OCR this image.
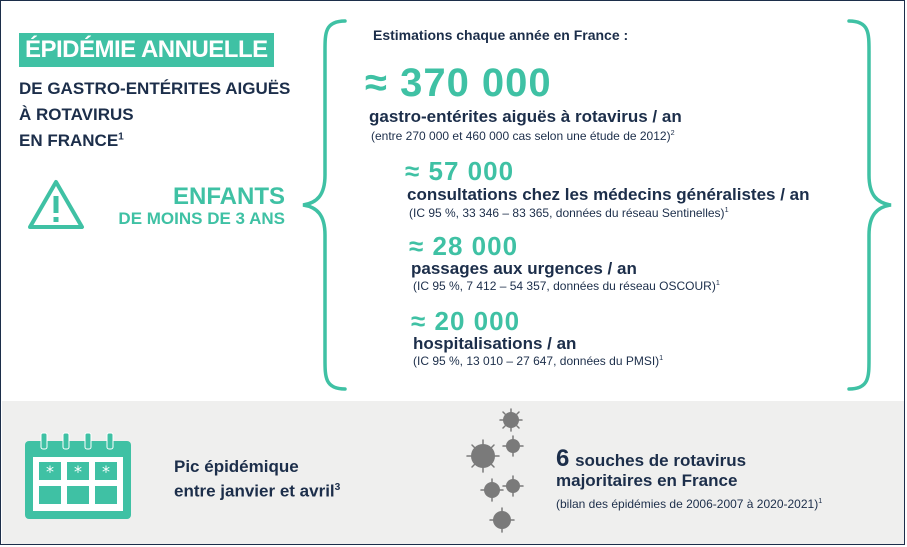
ÉPIDÉMIE ANNUELLE
DE GASTRO-ENTÉRITES AIGUËS
À ROTAVIRUS
EN FRANCE$^1$
ENFANTS
DE MOINS DE 3 ANS
Estimations chaque année en France :
≈ 370 000
gastro-entérites aiguës à rotavirus / an
(entre 270 000 et 460 000 cas selon une étude de 2012)$^2$
≈ 57 000
consultations chez les médecins généralistes / an
(IC 95 %, 33 346 – 83 365, données du réseau Sentinelles)$^1$
≈ 28 000
passages aux urgences / an
(IC 95 %, 7 412 – 54 357, données du réseau OSCOUR)$^1$
≈ 20 000
hospitalisations / an
(IC 95 %, 13 010 – 27 647, données du PMSI)$^1$
* * *	Pic épidémique
entre janvier et avril$^3$
6 souches de rotavirus
majoritaires en France
(bilan des épidémies de 2006-2007 à 2020-2021)$^1$
